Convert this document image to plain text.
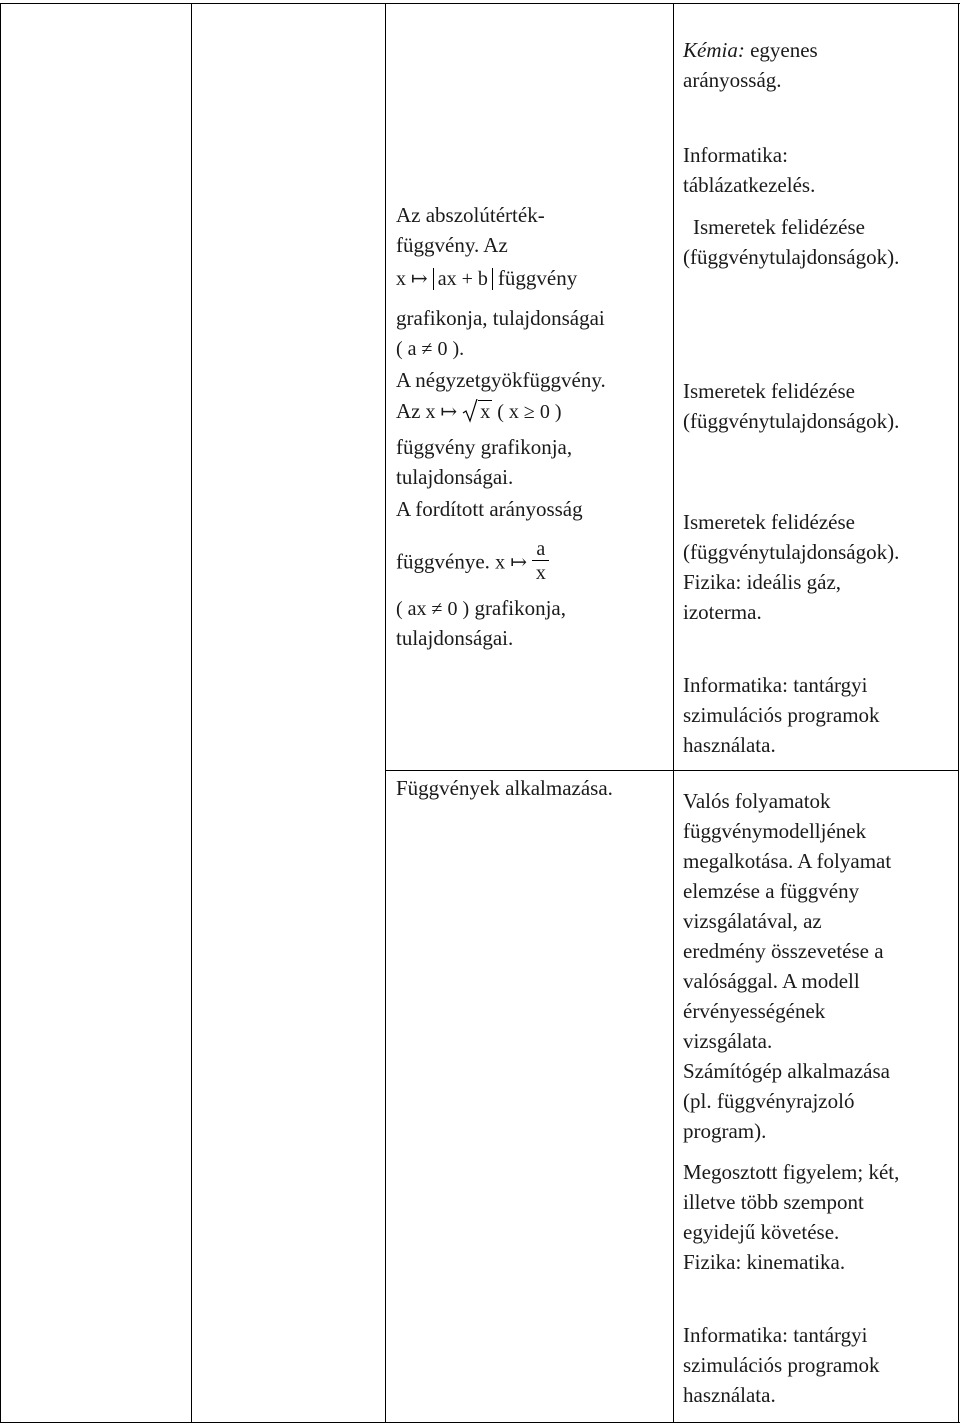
Kémia: egyenes
arányosság.
Informatika:
táblázatkezelés.
Ismeretek felidézése
(függvénytulajdonságok).
Ismeretek felidézése
(függvénytulajdonságok).
Ismeretek felidézése
(függvénytulajdonságok).
Fizika: ideális gáz,
izoterma.
Informatika: tantárgyi
szimulációs programok
használata.
Valós folyamatok
függvénymodelljének
megalkotása. A folyamat
elemzése a függvény
vizsgálatával, az
eredmény összevetése a
valósággal. A modell
érvényességének
vizsgálata.
Számítógép alkalmazása
(pl. függvényrajzoló
program).
Megosztott figyelem; két,
illetve több szempont
egyidejű követése.
Fizika: kinematika.
Informatika: tantárgyi
szimulációs programok
használata.
Az abszolútérték-
függvény. Az
x ↦ ax + b függvény
grafikonja, tulajdonságai
( a ≠ 0 ).
A négyzetgyökfüggvény.
Az x ↦ x ( x ≥ 0 )
függvény grafikonja,
tulajdonságai.
A fordított arányosság
függvénye. x ↦ $\frac{a}{x}$
( ax ≠ 0 ) grafikonja,
tulajdonságai.
Függvények alkalmazása.
